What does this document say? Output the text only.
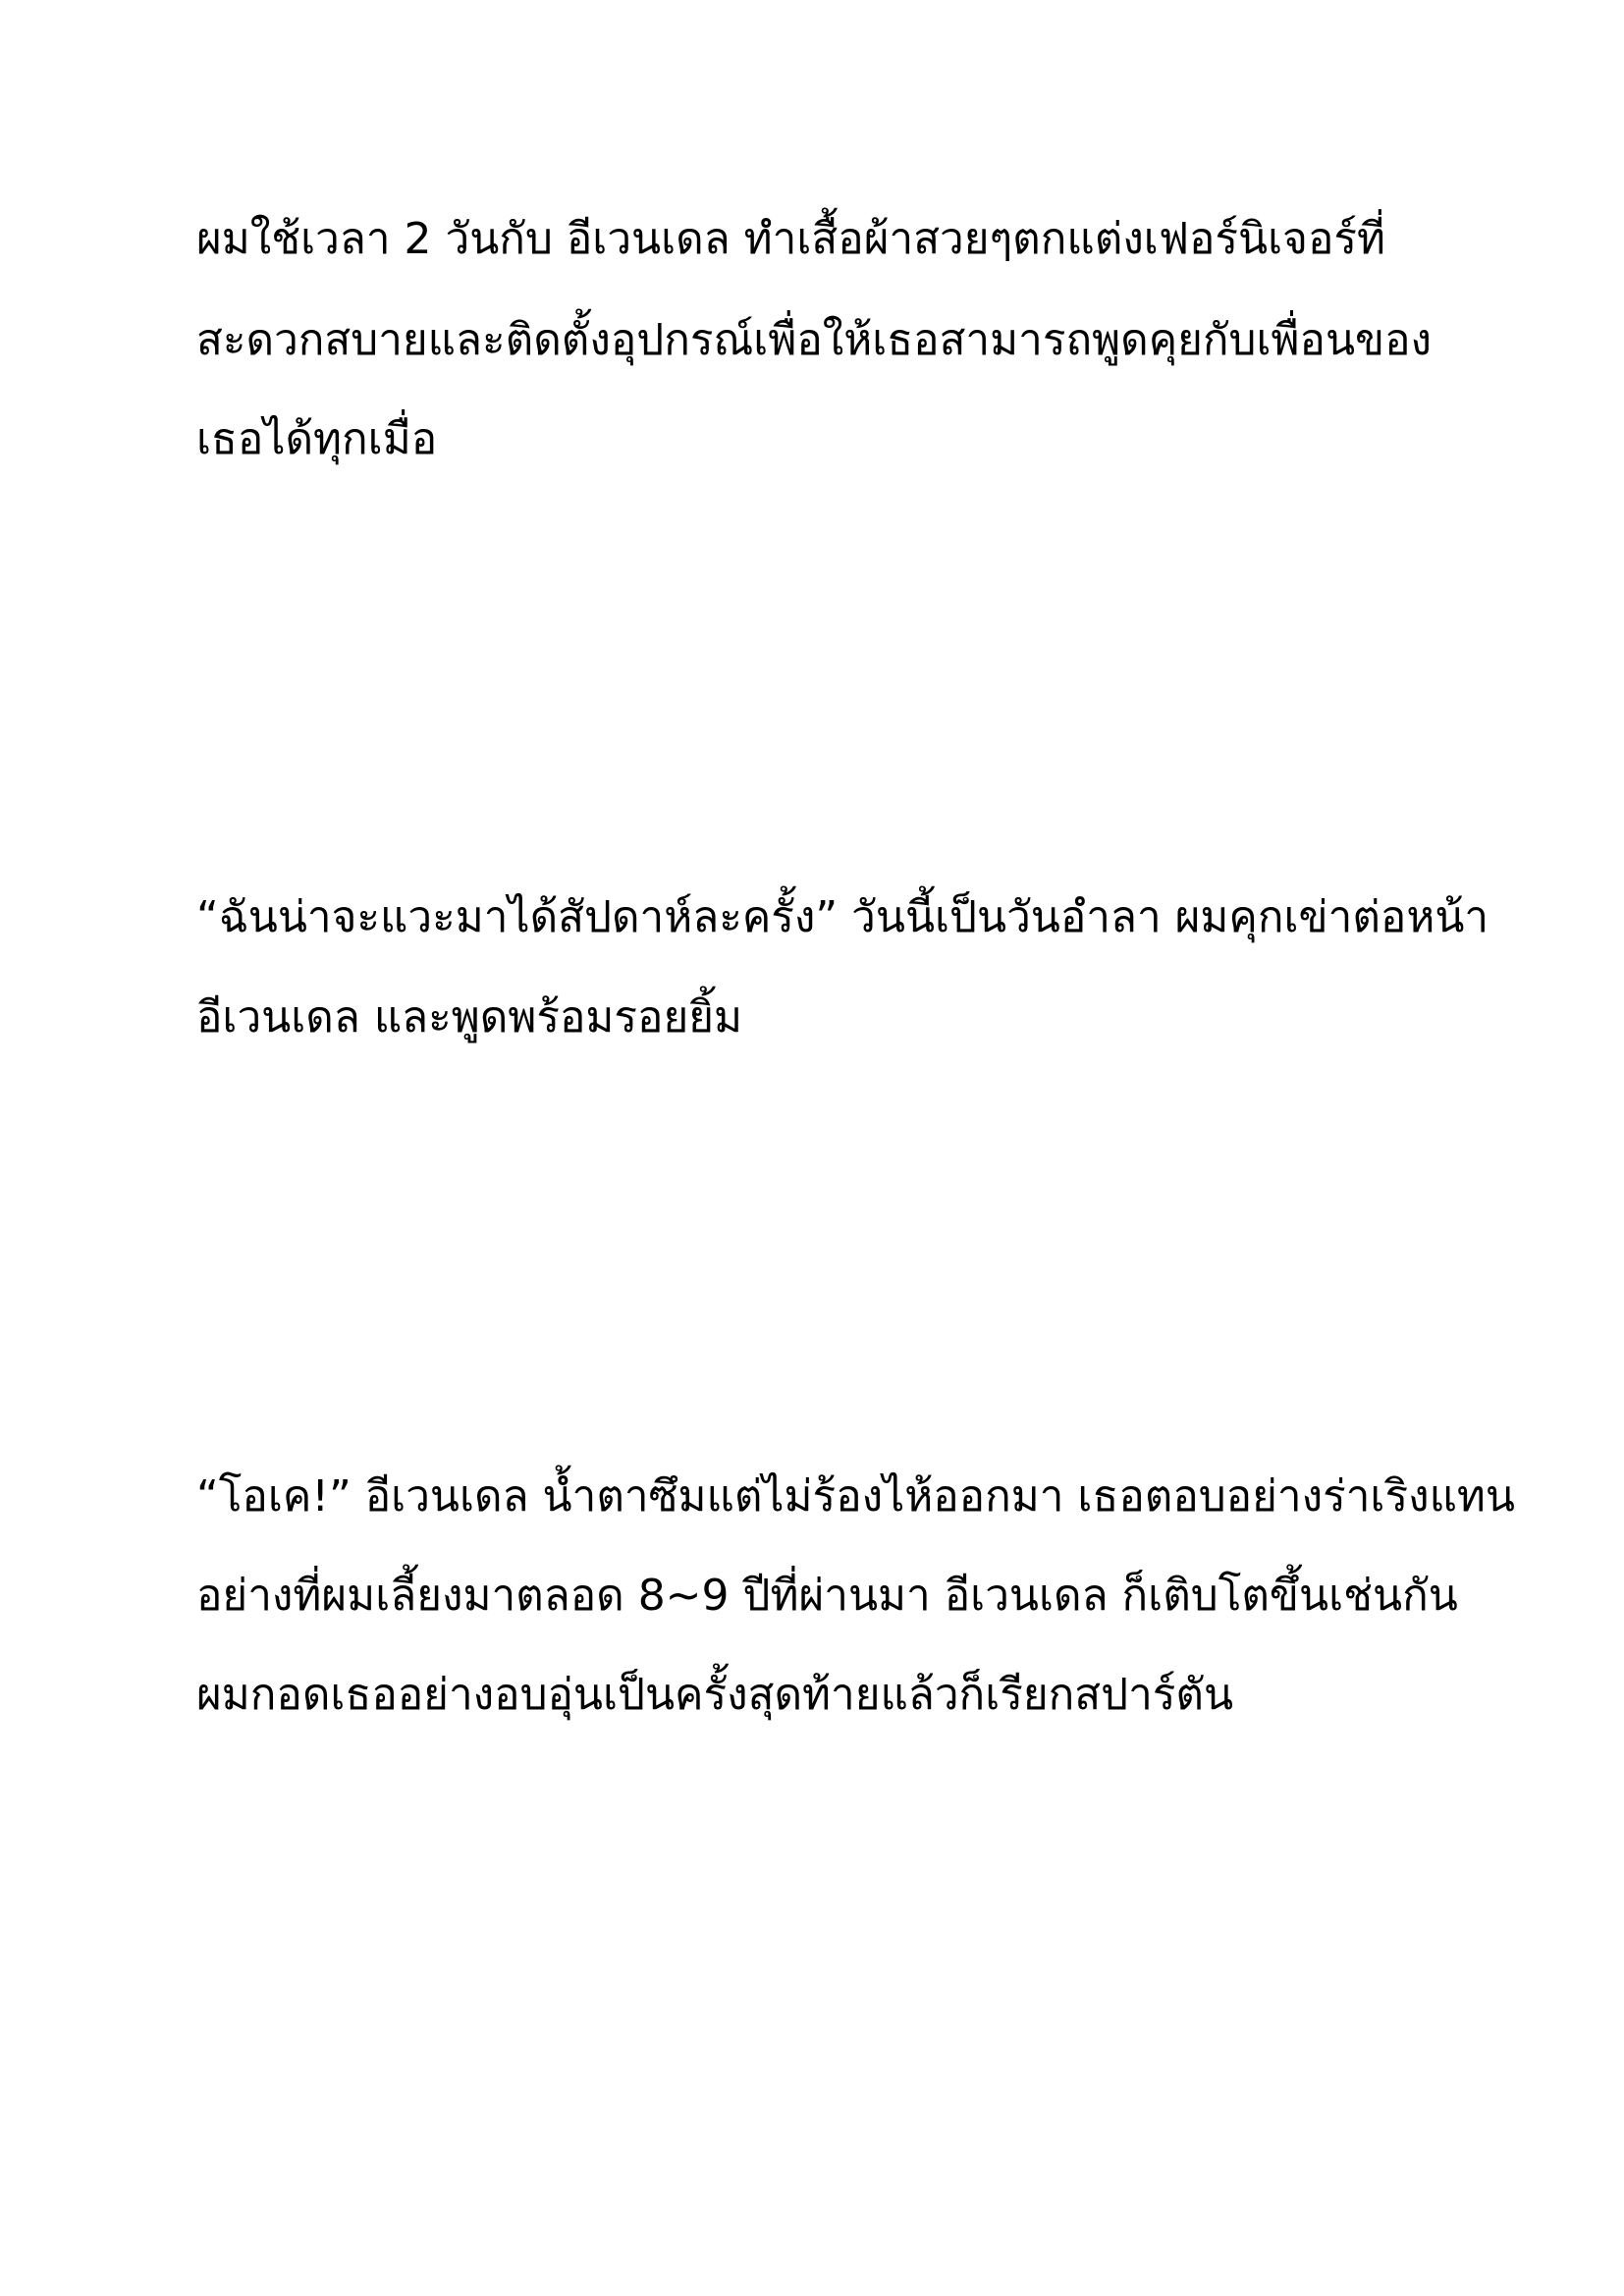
ผมใช้เวลา 2 วันกับ อีเวนเดล ทำเสื้อผ้าสวยๆตกแต่งเฟอร์นิเจอร์ที่

สะดวกสบายและติดตั้งอุปกรณ์เพื่อให้เธอสามารถพูดคุยกับเพื่อนของ

เธอได้ทุกเมื่อ

“ฉันน่าจะแวะมาได้สัปดาห์ละครั้ง” วันนี้เป็นวันอำลา ผมคุกเข่าต่อหน้า

อีเวนเดล และพูดพร้อมรอยยิ้ม

“โอเค!” อีเวนเดล น้ำตาซึมแต่ไม่ร้องไห้ออกมา เธอตอบอย่างร่าเริงแทน

อย่างที่ผมเลี้ยงมาตลอด 8~9 ปีที่ผ่านมา อีเวนเดล ก็เติบโตขึ้นเช่นกัน

ผมกอดเธออย่างอบอุ่นเป็นครั้งสุดท้ายแล้วก็เรียกสปาร์ตัน
